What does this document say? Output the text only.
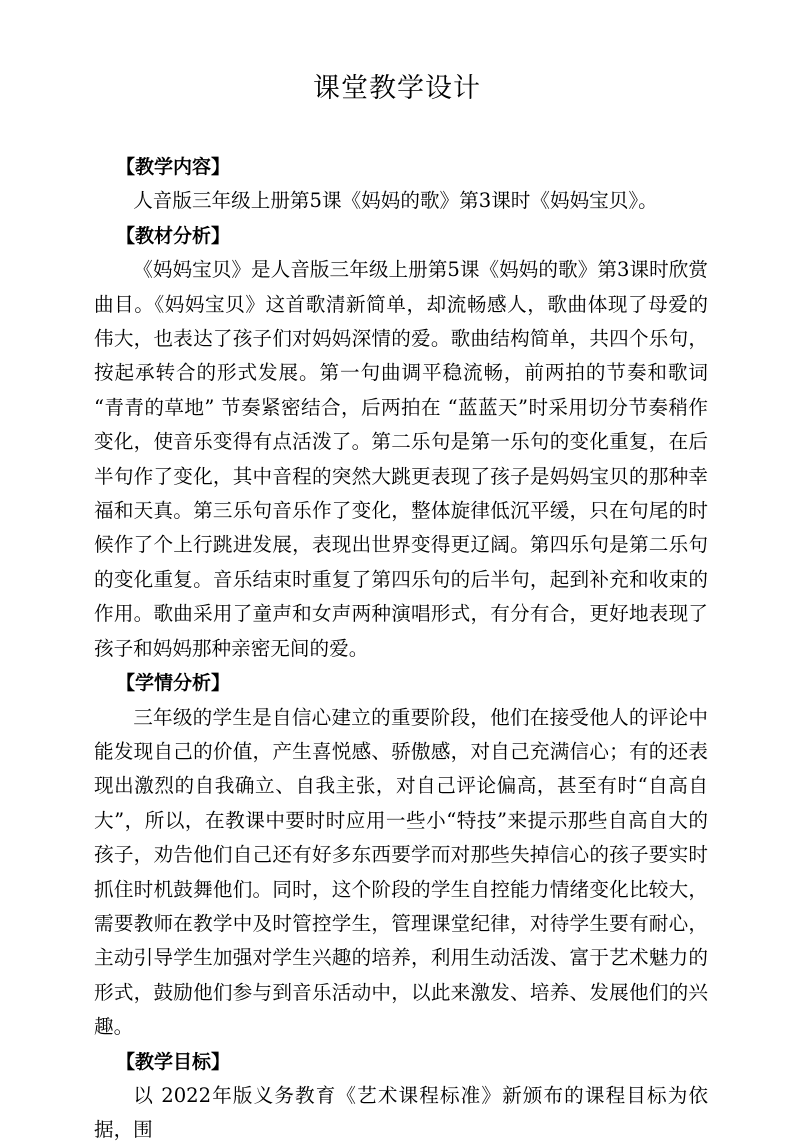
课堂教学设计

【教学内容】

人音版三年级上册第5课《妈妈的歌》第3课时《妈妈宝贝》。

【教材分析】

《妈妈宝贝》是人音版三年级上册第5课《妈妈的歌》第3课时欣赏曲目。《妈妈宝贝》这首歌清新简单，却流畅感人，歌曲体现了母爱的伟大，也表达了孩子们对妈妈深情的爱。歌曲结构简单，共四个乐句，按起承转合的形式发展。第一句曲调平稳流畅，前两拍的节奏和歌词 “青青的草地” 节奏紧密结合，后两拍在 “蓝蓝天”时采用切分节奏稍作变化，使音乐变得有点活泼了。第二乐句是第一乐句的变化重复，在后半句作了变化，其中音程的突然大跳更表现了孩子是妈妈宝贝的那种幸福和天真。第三乐句音乐作了变化，整体旋律低沉平缓，只在句尾的时候作了个上行跳进发展，表现出世界变得更辽阔。第四乐句是第二乐句的变化重复。音乐结束时重复了第四乐句的后半句，起到补充和收束的作用。歌曲采用了童声和女声两种演唱形式，有分有合，更好地表现了孩子和妈妈那种亲密无间的爱。

【学情分析】

三年级的学生是自信心建立的重要阶段，他们在接受他人的评论中能发现自己的价值，产生喜悦感、骄傲感，对自己充满信心；有的还表现出激烈的自我确立、自我主张，对自己评论偏高，甚至有时“自高自大”，所以，在教课中要时时应用一些小“特技”来提示那些自高自大的孩子，劝告他们自己还有好多东西要学而对那些失掉信心的孩子要实时抓住时机鼓舞他们。同时，这个阶段的学生自控能力情绪变化比较大，需要教师在教学中及时管控学生，管理课堂纪律，对待学生要有耐心，主动引导学生加强对学生兴趣的培养，利用生动活泼、富于艺术魅力的形式，鼓励他们参与到音乐活动中，以此来激发、培养、发展他们的兴趣。

【教学目标】

以 2022年版义务教育《艺术课程标准》新颁布的课程目标为依据，围
